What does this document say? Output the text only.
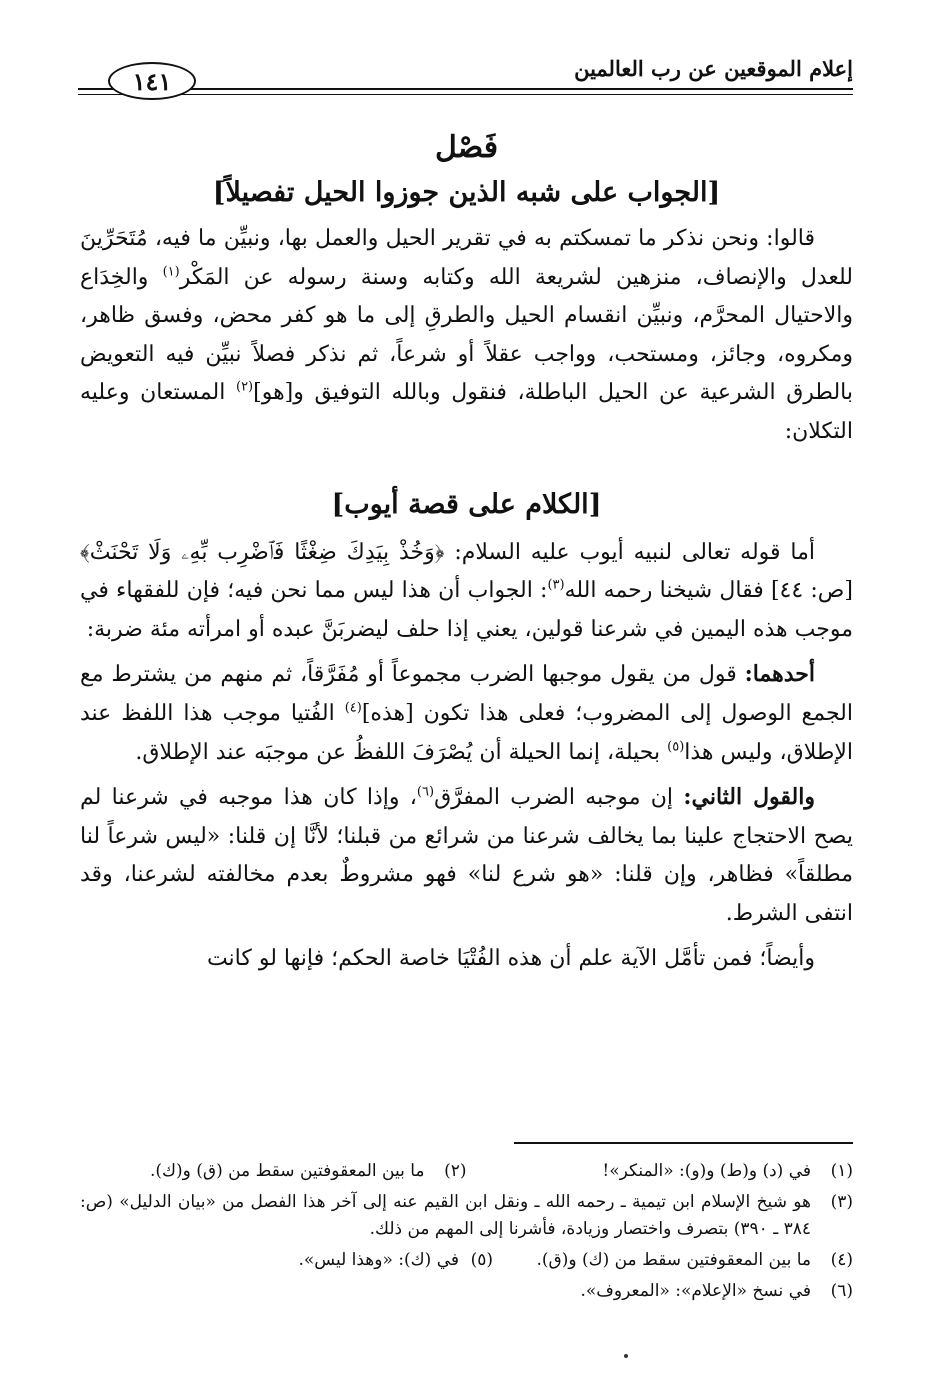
إعلام الموقعين عن رب العالمين
١٤١
فَصْل
[الجواب على شبه الذين جوزوا الحيل تفصيلاً]

قالوا: ونحن نذكر ما تمسكتم به في تقرير الحيل والعمل بها، ونبيِّن ما فيه، مُتَحَرِّينَ للعدل والإنصاف، منزهين لشريعة الله وكتابه وسنة رسوله عن المَكْر$^{(١)}$ والخِدَاع والاحتيال المحرَّم، ونبيِّن انقسام الحيل والطرقِ إلى ما هو كفر محض، وفسق ظاهر، ومكروه، وجائز، ومستحب، وواجب عقلاً أو شرعاً، ثم نذكر فصلاً نبيِّن فيه التعويض بالطرق الشرعية عن الحيل الباطلة، فنقول وبالله التوفيق و[هو]$^{(٢)}$ المستعان وعليه التكلان:

[الكلام على قصة أيوب]

أما قوله تعالى لنبيه أيوب عليه السلام: ﴿وَخُذْ بِيَدِكَ ضِغْثًا فَٱضْرِب بِّهِۦ وَلَا تَحْنَثْ﴾ [ص: ٤٤] فقال شيخنا رحمه الله$^{(٣)}$: الجواب أن هذا ليس مما نحن فيه؛ فإن للفقهاء في موجب هذه اليمين في شرعنا قولين، يعني إذا حلف ليضربَنَّ عبده أو امرأته مئة ضربة:

أحدهما: قول من يقول موجبها الضرب مجموعاً أو مُفَرَّقاً، ثم منهم من يشترط مع الجمع الوصول إلى المضروب؛ فعلى هذا تكون [هذه]$^{(٤)}$ الفُتيا موجب هذا اللفظ عند الإطلاق، وليس هذا$^{(٥)}$ بحيلة، إنما الحيلة أن يُصْرَفَ اللفظُ عن موجبَه عند الإطلاق.

والقول الثاني: إن موجبه الضرب المفرَّق$^{(٦)}$، وإذا كان هذا موجبه في شرعنا لم يصح الاحتجاج علينا بما يخالف شرعنا من شرائع من قبلنا؛ لأنَّا إن قلنا: «ليس شرعاً لنا مطلقاً» فظاهر، وإن قلنا: «هو شرع لنا» فهو مشروطٌ بعدم مخالفته لشرعنا، وقد انتفى الشرط.

وأيضاً؛ فمن تأمَّل الآية علم أن هذه الفُتْيَا خاصة الحكم؛ فإنها لو كانت

(١)
في (د) و(ط) و(و): «المنكر»!
(٢)
ما بين المعقوفتين سقط من (ق) و(ك).
(٣)
هو شيخ الإسلام ابن تيمية ـ رحمه الله ـ ونقل ابن القيم عنه إلى آخر هذا الفصل من «بيان الدليل» (ص: ٣٨٤ ـ ٣٩٠) بتصرف واختصار وزيادة، فأشرنا إلى المهم من ذلك.
(٤)
ما بين المعقوفتين سقط من (ك) و(ق).
(٥)
في (ك): «وهذا ليس».
(٦)
في نسخ «الإعلام»: «المعروف».
